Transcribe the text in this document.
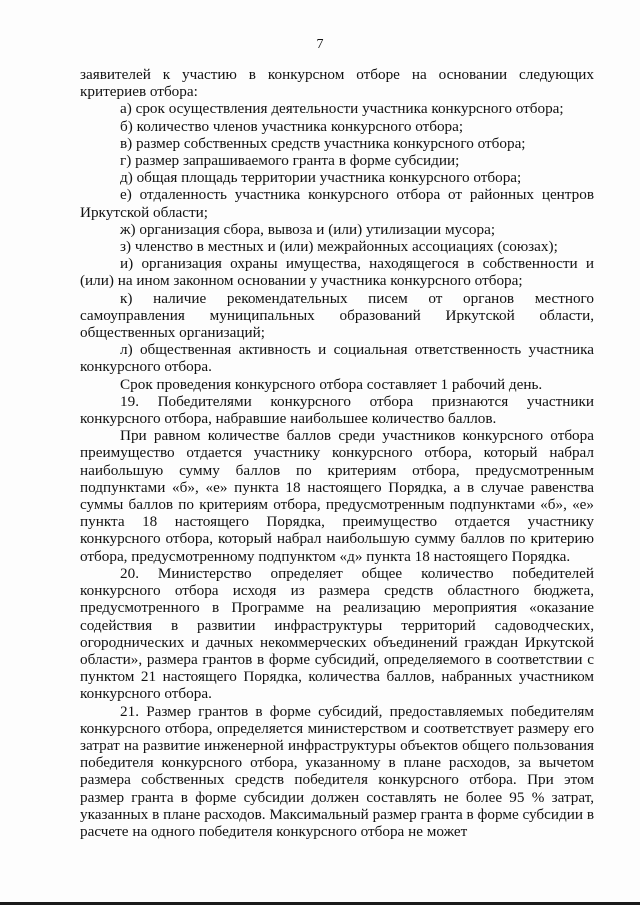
7

заявителей к участию в конкурсном отборе на основании следующих критериев отбора:

а) срок осуществления деятельности участника конкурсного отбора;

б) количество членов участника конкурсного отбора;

в) размер собственных средств участника конкурсного отбора;

г) размер запрашиваемого гранта в форме субсидии;

д) общая площадь территории участника конкурсного отбора;

е) отдаленность участника конкурсного отбора от районных центров Иркутской области;

ж) организация сбора, вывоза и (или) утилизации мусора;

з) членство в местных и (или) межрайонных ассоциациях (союзах);

и) организация охраны имущества, находящегося в собственности и (или) на ином законном основании у участника конкурсного отбора;

к) наличие рекомендательных писем от органов местного самоуправления муниципальных образований Иркутской области, общественных организаций;

л) общественная активность и социальная ответственность участника конкурсного отбора.

Срок проведения конкурсного отбора составляет 1 рабочий день.

19. Победителями конкурсного отбора признаются участники конкурсного отбора, набравшие наибольшее количество баллов.

При равном количестве баллов среди участников конкурсного отбора преимущество отдается участнику конкурсного отбора, который набрал наибольшую сумму баллов по критериям отбора, предусмотренным подпунктами «б», «е» пункта 18 настоящего Порядка, а в случае равенства суммы баллов по критериям отбора, предусмотренным подпунктами «б», «е» пункта 18 настоящего Порядка, преимущество отдается участнику конкурсного отбора, который набрал наибольшую сумму баллов по критерию отбора, предусмотренному подпунктом «д» пункта 18 настоящего Порядка.

20. Министерство определяет общее количество победителей конкурсного отбора исходя из размера средств областного бюджета, предусмотренного в Программе на реализацию мероприятия «оказание содействия в развитии инфраструктуры территорий садоводческих, огороднических и дачных некоммерческих объединений граждан Иркутской области», размера грантов в форме субсидий, определяемого в соответствии с пунктом 21 настоящего Порядка, количества баллов, набранных участником конкурсного отбора.

21. Размер грантов в форме субсидий, предоставляемых победителям конкурсного отбора, определяется министерством и соответствует размеру его затрат на развитие инженерной инфраструктуры объектов общего пользования победителя конкурсного отбора, указанному в плане расходов, за вычетом размера собственных средств победителя конкурсного отбора. При этом размер гранта в форме субсидии должен составлять не более 95 % затрат, указанных в плане расходов. Максимальный размер гранта в форме субсидии в расчете на одного победителя конкурсного отбора не может
